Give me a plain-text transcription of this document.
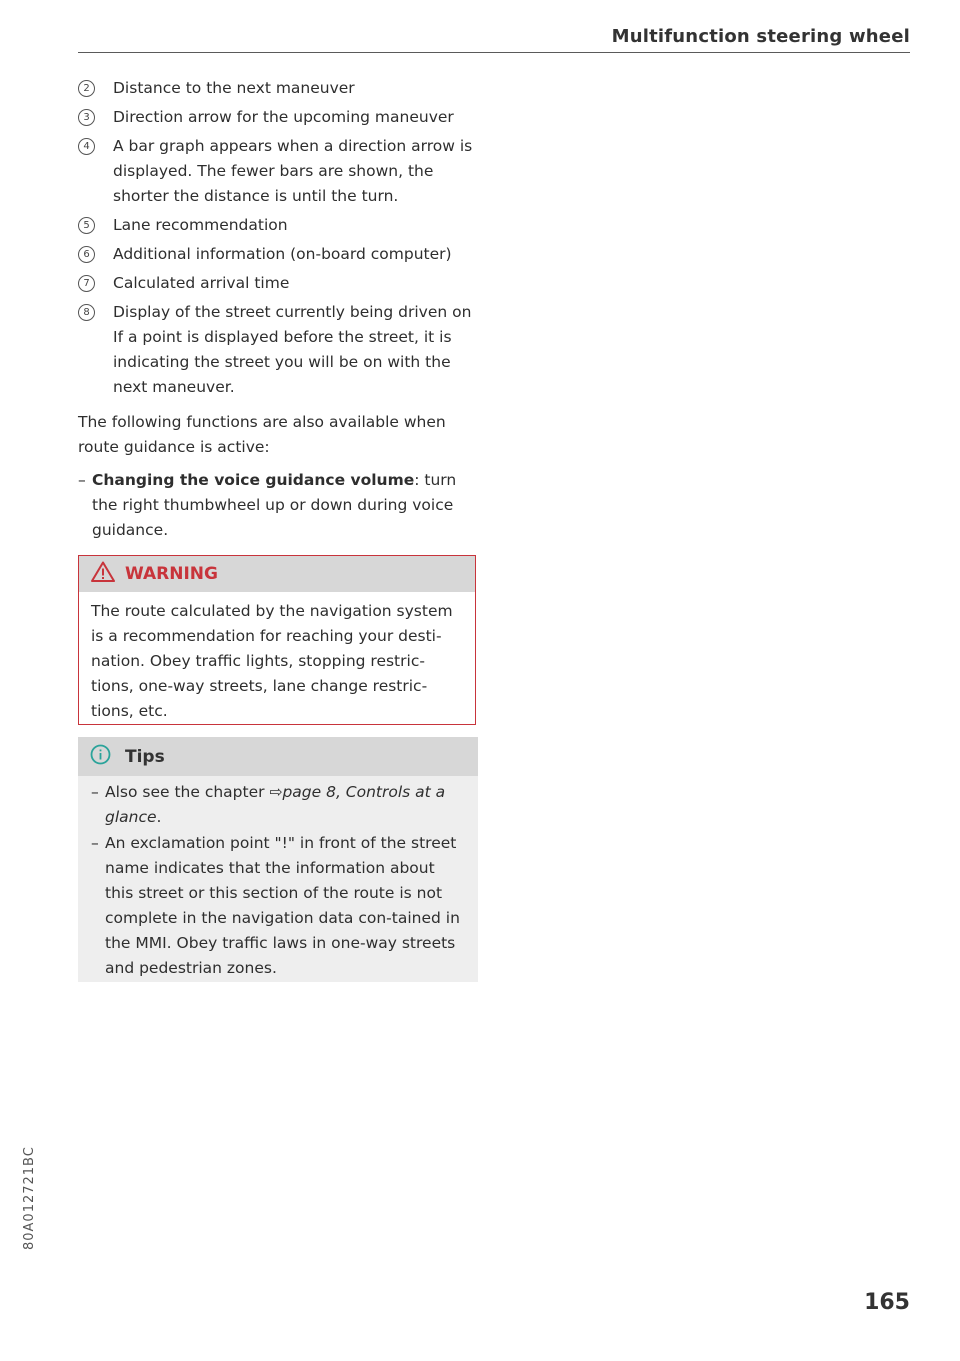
Multifunction steering wheel
2	Distance to the next maneuver
3	Direction arrow for the upcoming maneuver
4	A bar graph appears when a direction arrow is displayed. The fewer bars are shown, the shorter the distance is until the turn.
5	Lane recommendation
6	Additional information (on-board computer)
7	Calculated arrival time
8	Display of the street currently being driven on If a point is displayed before the street, it is indicating the street you will be on with the next maneuver.
The following functions are also available when route guidance is active:
– Changing the voice guidance volume: turn the right thumbwheel up or down during voice guidance.
WARNING
The route calculated by the navigation system is a recommendation for reaching your desti-nation. Obey traffic lights, stopping restric-tions, one-way streets, lane change restric-tions, etc.
Tips
– Also see the chapter ⇨page 8, Controls at a glance.
– An exclamation point "!" in front of the street name indicates that the information about this street or this section of the route is not complete in the navigation data con-tained in the MMI. Obey traffic laws in one-way streets and pedestrian zones.
80A012721BC
165
